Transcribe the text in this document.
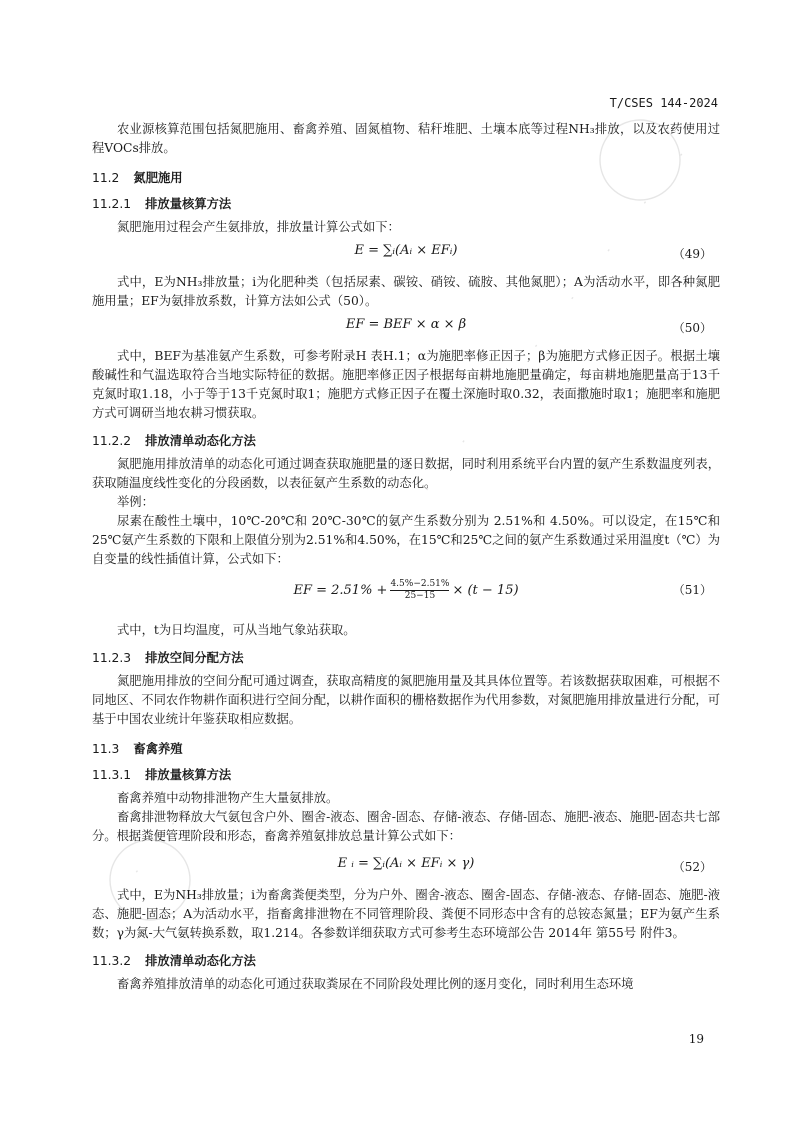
T/CSES 144-2024

农业源核算范围包括氮肥施用、畜禽养殖、固氮植物、秸秆堆肥、土壤本底等过程NH₃排放，以及农药使用过程VOCs排放。

11.2 氮肥施用
11.2.1 排放量核算方法

氮肥施用过程会产生氨排放，排放量计算公式如下：

E = ∑ᵢ(Aᵢ × EFᵢ)	（49）

式中，E为NH₃排放量；i为化肥种类（包括尿素、碳铵、硝铵、硫胺、其他氮肥）；A为活动水平，即各种氮肥施用量；EF为氨排放系数，计算方法如公式（50）。

EF = BEF × α × β	（50）

式中，BEF为基准氨产生系数，可参考附录H 表H.1；α为施肥率修正因子；β为施肥方式修正因子。根据土壤酸碱性和气温选取符合当地实际特征的数据。施肥率修正因子根据每亩耕地施肥量确定，每亩耕地施肥量高于13千克氮时取1.18，小于等于13千克氮时取1；施肥方式修正因子在覆土深施时取0.32，表面撒施时取1；施肥率和施肥方式可调研当地农耕习惯获取。

11.2.2 排放清单动态化方法

氮肥施用排放清单的动态化可通过调查获取施肥量的逐日数据，同时利用系统平台内置的氨产生系数温度列表，获取随温度线性变化的分段函数，以表征氨产生系数的动态化。

举例：

尿素在酸性土壤中，10℃-20℃和 20℃-30℃的氨产生系数分别为 2.51%和 4.50%。可以设定，在15℃和25℃氨产生系数的下限和上限值分别为2.51%和4.50%，在15℃和25℃之间的氨产生系数通过采用温度t（℃）为自变量的线性插值计算，公式如下：

EF = $2.51\% + \frac{4.5\%-2.51\%}{25-15} \times (t - 15)$	（51）

式中，t为日均温度，可从当地气象站获取。

11.2.3 排放空间分配方法

氮肥施用排放的空间分配可通过调查，获取高精度的氮肥施用量及其具体位置等。若该数据获取困难，可根据不同地区、不同农作物耕作面积进行空间分配，以耕作面积的栅格数据作为代用参数，对氮肥施用排放量进行分配，可基于中国农业统计年鉴获取相应数据。

11.3 畜禽养殖
11.3.1 排放量核算方法

畜禽养殖中动物排泄物产生大量氨排放。

畜禽排泄物释放大气氨包含户外、圈舍-液态、圈舍-固态、存储-液态、存储-固态、施肥-液态、施肥-固态共七部分。根据粪便管理阶段和形态，畜禽养殖氨排放总量计算公式如下：

E ᵢ = ∑ᵢ(Aᵢ × EFᵢ × γ)	（52）

式中，E为NH₃排放量；i为畜禽粪便类型，分为户外、圈舍-液态、圈舍-固态、存储-液态、存储-固态、施肥-液态、施肥-固态；A为活动水平，指畜禽排泄物在不同管理阶段、粪便不同形态中含有的总铵态氮量；EF为氨产生系数；γ为氮-大气氨转换系数，取1.214。各参数详细获取方式可参考生态环境部公告 2014年 第55号 附件3。

11.3.2 排放清单动态化方法

畜禽养殖排放清单的动态化可通过获取粪尿在不同阶段处理比例的逐月变化，同时利用生态环境

19
